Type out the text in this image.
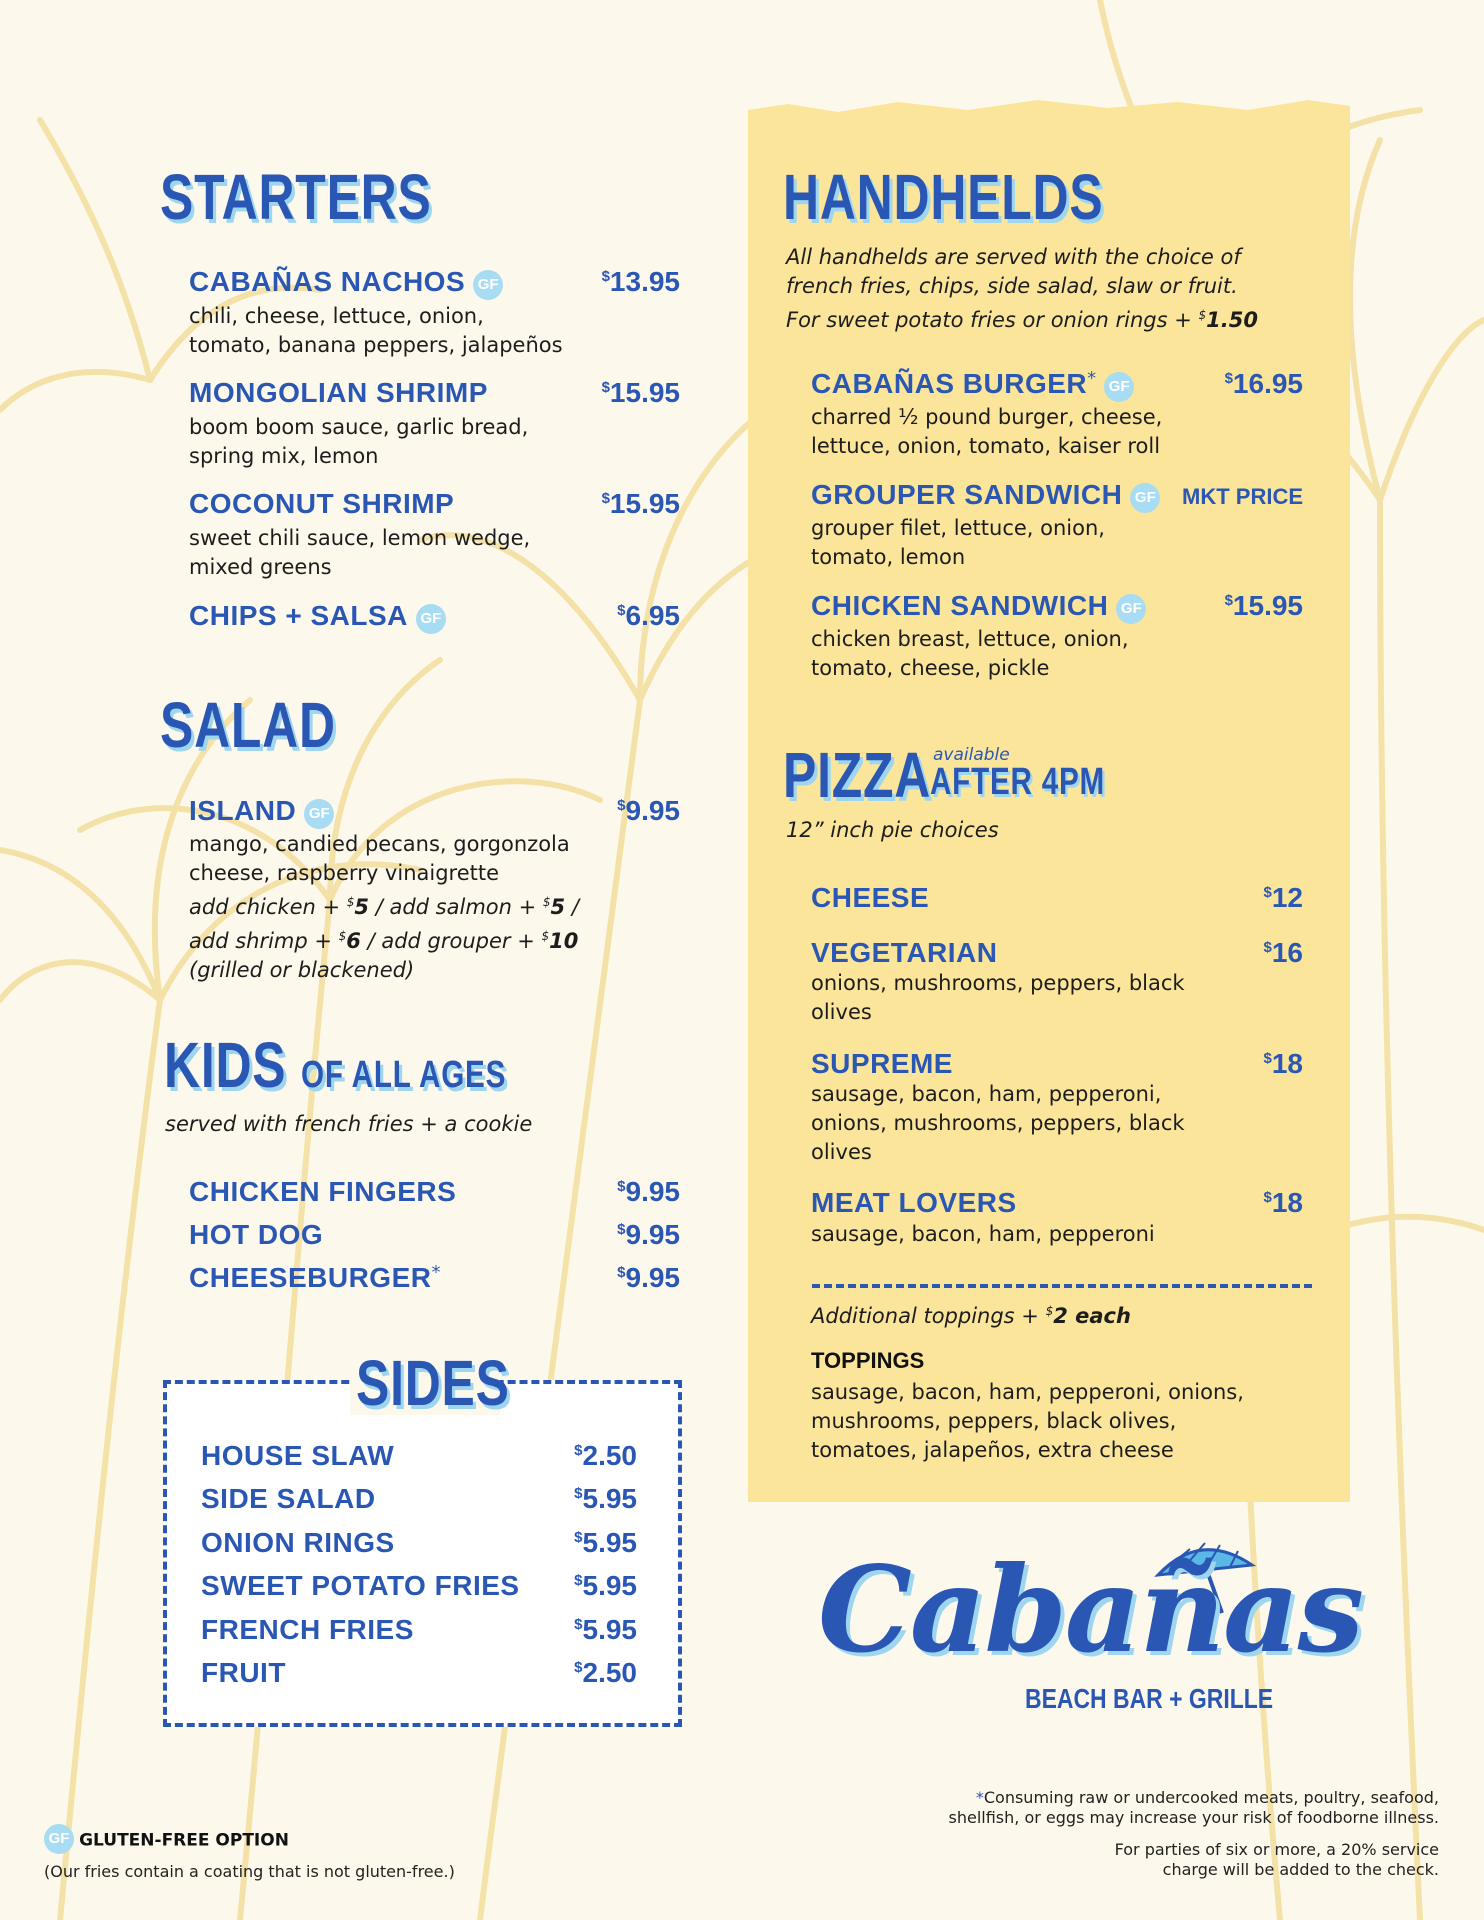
STARTERS
CABAÑAS NACHOS GF	$13.95
chili, cheese, lettuce, onion,
tomato, banana peppers, jalapeños
MONGOLIAN SHRIMP	$15.95
boom boom sauce, garlic bread,
spring mix, lemon
COCONUT SHRIMP	$15.95
sweet chili sauce, lemon wedge,
mixed greens
CHIPS + SALSA GF	$6.95
SALAD
ISLAND GF	$9.95
mango, candied pecans, gorgonzola
cheese, raspberry vinaigrette
add chicken + $5 / add salmon + $5 /
add shrimp + $6 / add grouper + $10
(grilled or blackened)
KIDS OF ALL AGES
served with french fries + a cookie
CHICKEN FINGERS	$9.95
HOT DOG	$9.95
CHEESEBURGER*	$9.95
SIDES
HOUSE SLAW	$2.50
SIDE SALAD	$5.95
ONION RINGS	$5.95
SWEET POTATO FRIES	$5.95
FRENCH FRIES	$5.95
FRUIT	$2.50
HANDHELDS
All handhelds are served with the choice of
french fries, chips, side salad, slaw or fruit.
For sweet potato fries or onion rings + $1.50
CABAÑAS BURGER* GF	$16.95
charred ½ pound burger, cheese,
lettuce, onion, tomato, kaiser roll
GROUPER SANDWICH GF	MKT PRICE
grouper filet, lettuce, onion,
tomato, lemon
CHICKEN SANDWICH GF	$15.95
chicken breast, lettuce, onion,
tomato, cheese, pickle
PIZZA available
AFTER 4PM
12” inch pie choices
CHEESE	$12
VEGETARIAN	$16
onions, mushrooms, peppers, black
olives
SUPREME	$18
sausage, bacon, ham, pepperoni,
onions, mushrooms, peppers, black
olives
MEAT LOVERS	$18
sausage, bacon, ham, pepperoni
Additional toppings + $2 each
TOPPINGS
sausage, bacon, ham, pepperoni, onions,
mushrooms, peppers, black olives,
tomatoes, jalapeños, extra cheese
Cabañas
BEACH BAR + GRILLE
GF GLUTEN-FREE OPTION
(Our fries contain a coating that is not gluten-free.)
*Consuming raw or undercooked meats, poultry, seafood,
shellfish, or eggs may increase your risk of foodborne illness.
For parties of six or more, a 20% service
charge will be added to the check.
